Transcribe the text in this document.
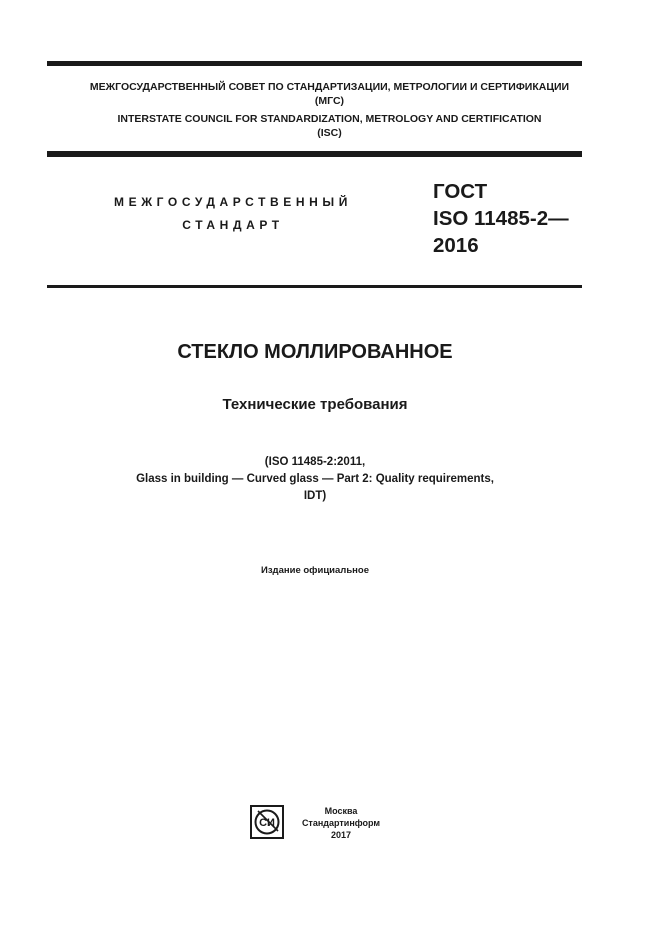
МЕЖГОСУДАРСТВЕННЫЙ СОВЕТ ПО СТАНДАРТИЗАЦИИ, МЕТРОЛОГИИ И СЕРТИФИКАЦИИ
(МГС)
INTERSTATE COUNCIL FOR STANDARDIZATION, METROLOGY AND CERTIFICATION
(ISC)
МЕЖГОСУДАРСТВЕННЫЙ
СТАНДАРТ
ГОСТ
ISO 11485-2—
2016
СТЕКЛО МОЛЛИРОВАННОЕ
Технические требования
(ISO 11485-2:2011,
Glass in building — Curved glass — Part 2: Quality requirements,
IDT)
Издание официальное
СИ
Москва
Стандартинформ
2017
